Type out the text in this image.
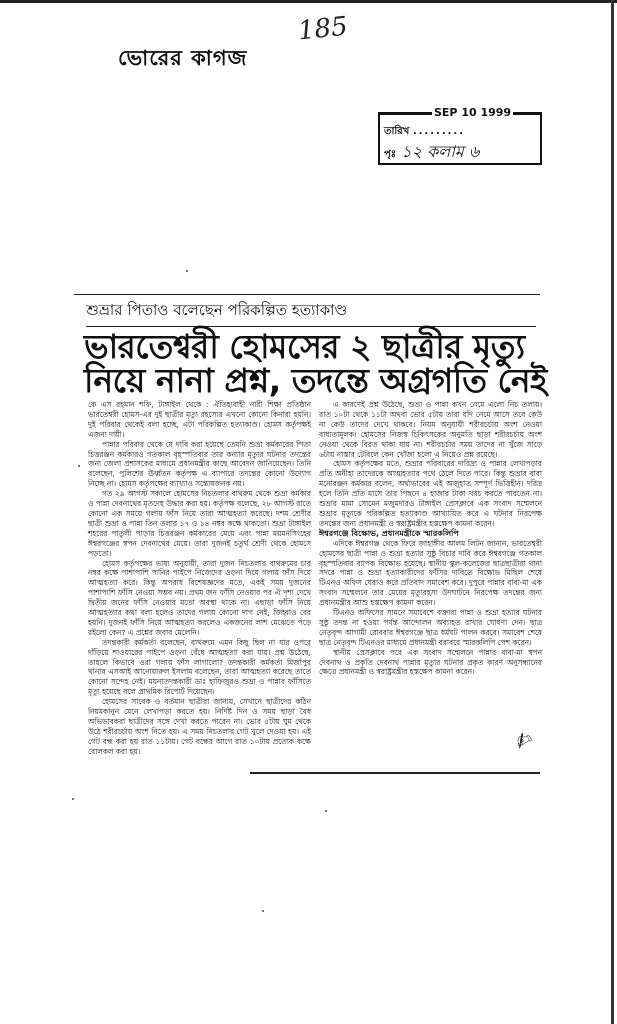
185
ভোরের কাগজ
SEP 10 1999
তারিখ .........
পৃঃ ১২ কলাম ৬
শুভ্রার পিতাও বলেছেন পরিকল্পিত হত্যাকাণ্ড
ভারতেশ্বরী হোমসের ২ ছাত্রীর মৃত্যু
নিয়ে নানা প্রশ্ন, তদন্তে অগ্রগতি নেই

কে এস রহমান শফি, টাঙ্গাইল থেকে : ঐতিহ্যবাহী নারী শিক্ষা প্রতিষ্ঠান ভারতেশ্বরী হোমস-এর দুই ছাত্রীর মৃত্যু রহস্যের এখনো কোনো কিনারা হয়নি। দুই পরিবার থেকেই বলা হচ্ছে, এটা পরিকল্পিত হত্যাকাণ্ড। হোমস কর্তৃপক্ষই এজন্য দায়ী।

পান্নার পরিবার থেকে যে দাবি করা হয়েছে তেমনি শুভ্রা কর্মকারের পিতা চিত্তরঞ্জন কর্মকারও গতকাল বৃহস্পতিবার তার কন্যার মৃত্যুর ঘটনার তদন্তের জন্য জেলা প্রশাসকের মাধ্যমে প্রধানমন্ত্রীর কাছে আবেদন জানিয়েছেন। তিনি বলেছেন, পুলিশের ঊর্ধ্বতন কর্তৃপক্ষ এ ব্যাপারে তদন্তের কোনো উদ্যোগ নিচ্ছে না। হোমস কর্তৃপক্ষের ব্যাখ্যাও সন্তোষজনক নয়।

গত ২৯ আগস্ট সকালে হোমসের নিচতলার বাথরুম থেকে শুভ্রা কর্মকার ও পান্না দেবনাথের মৃতদেহ উদ্ধার করা হয়। কর্তৃপক্ষ বলেছে, ২৮ আগস্ট রাতে কোনো এক সময়ে গলায় ফাঁস নিয়ে তারা আত্মহত্যা করেছে। দশম শ্রেণীর ছাত্রী শুভ্রা ও পান্না তিন তলার ১৭ ও ১৪ নম্বর কক্ষে থাকতো। শুভ্রা টাঙ্গাইল শহরের পাতুলী পাড়ার চিত্তরঞ্জন কর্মকারের মেয়ে এবং পান্না ময়মনসিংহের ঈশ্বরগঞ্জের স্বপন দেবনাথের মেয়ে। তারা দুজনই চতুর্থ শ্রেণী থেকে হোমসে পড়তো।

হোমস কর্তৃপক্ষের ভাষ্য অনুযায়ী, তারা দুজন নিচতলার বাথরুমের চার নম্বর কক্ষে পাশাপাশি পানির পাইপে নিজেদের ওড়না দিয়ে গলায় ফাঁস দিয়ে আত্মহত্যা করে। কিন্তু অপরাধ বিশেষজ্ঞদের মতে, একই সময় দুজনের পাশাপাশি ফাঁসি নেওয়া সম্ভব নয়। প্রথম জন ফাঁসি নেওয়ার পর ঐ দৃশ্য দেখে দ্বিতীয় জনের ফাঁসি নেওয়ার মতো অবস্থা থাকে না। এছাড়া ফাঁসি নিয়ে আত্মহত্যার কথা বলা হলেও তাদের গলায় কোনো দাগ নেই, জিহ্বাও বের হয়নি। দুজনই ফাঁসি নিয়ে আত্মহত্যা করলেও একজনের লাশ মেঝেতে পড়ে রইলো কেন? এ প্রশ্নের জবাব মেলেনি।

তদন্তকারী কর্মকর্তা বলেছেন, বাথরুমে এমন কিছু ছিল না যার ওপরে দাঁড়িয়ে শাওয়ারের পাইপে ওড়না বেঁধে আত্মহত্যা করা যায়। প্রশ্ন উঠেছে, তাহলে কিভাবে ওরা গলায় ফাঁস লাগালো? তদন্তকারী কর্মকর্তা মির্জাপুর থানার এসআই আনোয়ারুল ইসলাম বলেছেন, তারা আত্মহত্যা করেছে তাতে কোনো সন্দেহ নেই। ময়নাতদন্তকারী ডাঃ হাফিজুরও শুভ্রা ও পান্নার ফাঁসিতে মৃত্যু হয়েছে বলে প্রাথমিক রিপোর্ট দিয়েছেন।

হোমসের সাবেক ও বর্তমান ছাত্রীরা জানায়, সেখানে ছাত্রীদের কঠিন নিয়মকানুন মেনে লেখাপড়া করতে হয়। নির্দিষ্ট দিন ও সময় ছাড়া বৈধ অভিভাবকরা ছাত্রীদের সঙ্গে দেখা করতে পারেন না। ভোর ৫টায় ঘুম থেকে উঠে শরীরচর্চায় অংশ নিতে হয়। এ সময় নিচতলার গেট খুলে দেওয়া হয়। এই গেট বন্ধ করা হয় রাত ১১টায়। গেট বন্ধের আগে রাত ১০টায় প্রত্যেক কক্ষে রোলকল করা হয়।

এ কারণেই প্রশ্ন উঠেছে, শুভ্রা ও পান্না কখন নেমে এলো নিচ তলায়। রাত ১০টা থেকে ১১টা অথবা ভোর ৫টায় তারা যদি নেমে আসে তবে কেউ না কেউ তাদের দেখে থাকবে। নিয়ম অনুযায়ী শরীরচর্চায় অংশ নেওয়া বাধ্যতামূলক। হোমসের নিজস্ব চিকিৎসকের অনুমতি ছাড়া শরীরচর্চায় অংশ নেওয়া থেকে বিরত থাকা যায় না। শরীরচর্চার সময় তাদের না খুঁজে সাড়ে ৬টায় নাস্তার টেবিলে কেন খোঁজা হলো এ নিয়েও প্রশ্ন রয়েছে।

হোমস কর্তৃপক্ষের মতে, শুভ্রার পরিবারের দারিদ্র্য ও পান্নার লেখাপড়ার প্রতি অনীহা তাদেরকে আত্মহত্যার পথে ঠেলে দিতে পারে। কিন্তু শুভ্রার বাবা মনোরঞ্জন কর্মকার বলেন, অর্থাভাবের এই অজুহাত সম্পূর্ণ ভিত্তিহীন। দরিদ্র হলে তিনি প্রতি মাসে তার পিছনে ৪ হাজার টাকা খরচ করতে পারতেন না। শুভ্রার মামা সোমেন মজুমদারও টাঙ্গাইল প্রেসক্লাবে এক সংবাদ সম্মেলনে শুভ্রার মৃত্যুকে পরিকল্পিত হত্যাকাণ্ড আখ্যায়িত করে এ ঘটনার নিরপেক্ষ তদন্তের জন্য প্রধানমন্ত্রী ও স্বরাষ্ট্রমন্ত্রীর হস্তক্ষেপ কামনা করেন।

ঈশ্বরগঞ্জে বিক্ষোভ, প্রধানমন্ত্রীকে স্মারকলিপি

এদিকে ঈশ্বরগঞ্জ থেকে ফিরে জাহাঙ্গীর আলম লিটন জানান, ভারতেশ্বরী হোমসের ছাত্রী পান্না ও শুভ্রা হত্যার সুষ্ঠু বিচার দাবি করে ঈশ্বরগঞ্জে গতকাল বৃহস্পতিবার ব্যাপক বিক্ষোভ হয়েছে। স্থানীয় স্কুল-কলেজের ছাত্রছাত্রীরা থানা সদরে পান্না ও শুভ্রা হত্যাকারীদের ফাঁসির দাবিতে বিক্ষোভ মিছিল শেষে টিএনও অফিস ঘেরাও করে প্রতিবাদ সমাবেশ করে। দুপুরে পান্নার বাবা-মা এক সংবাদ সম্মেলনে তার মেয়ের মৃত্যুরহস্য উদঘাটনে নিরপেক্ষ তদন্তের জন্য প্রধানমন্ত্রীর আশু হস্তক্ষেপ কামনা করেন।

টিএনও অফিসের সামনে সমাবেশে বক্তারা পান্না ও শুভ্রা হত্যার ঘটনার সুষ্ঠু তদন্ত না হওয়া পর্যন্ত আন্দোলন অব্যাহত রাখার ঘোষণা দেন। ছাত্র নেতৃবৃন্দ আগামী রোববার ঈশ্বরগঞ্জে ছাত্র ধর্মঘট পালন করবে। সমাবেশ শেষে ছাত্র নেতৃবৃন্দ টিএনওর মাধ্যমে প্রধানমন্ত্রী বরাবরে স্মারকলিপি পেশ করেন।

স্থানীয় প্রেসক্লাবে পরে এক সংবাদ সম্মেলনে পান্নার বাবা-মা স্বপন দেবনাথ ও প্রকৃতি দেবনাথ পান্নার মৃত্যুর ঘটনার প্রকৃত কারণ অনুসন্ধানের ক্ষেত্রে প্রধানমন্ত্রী ও স্বরাষ্ট্রমন্ত্রীর হস্তক্ষেপ কামনা করেন।

✍
